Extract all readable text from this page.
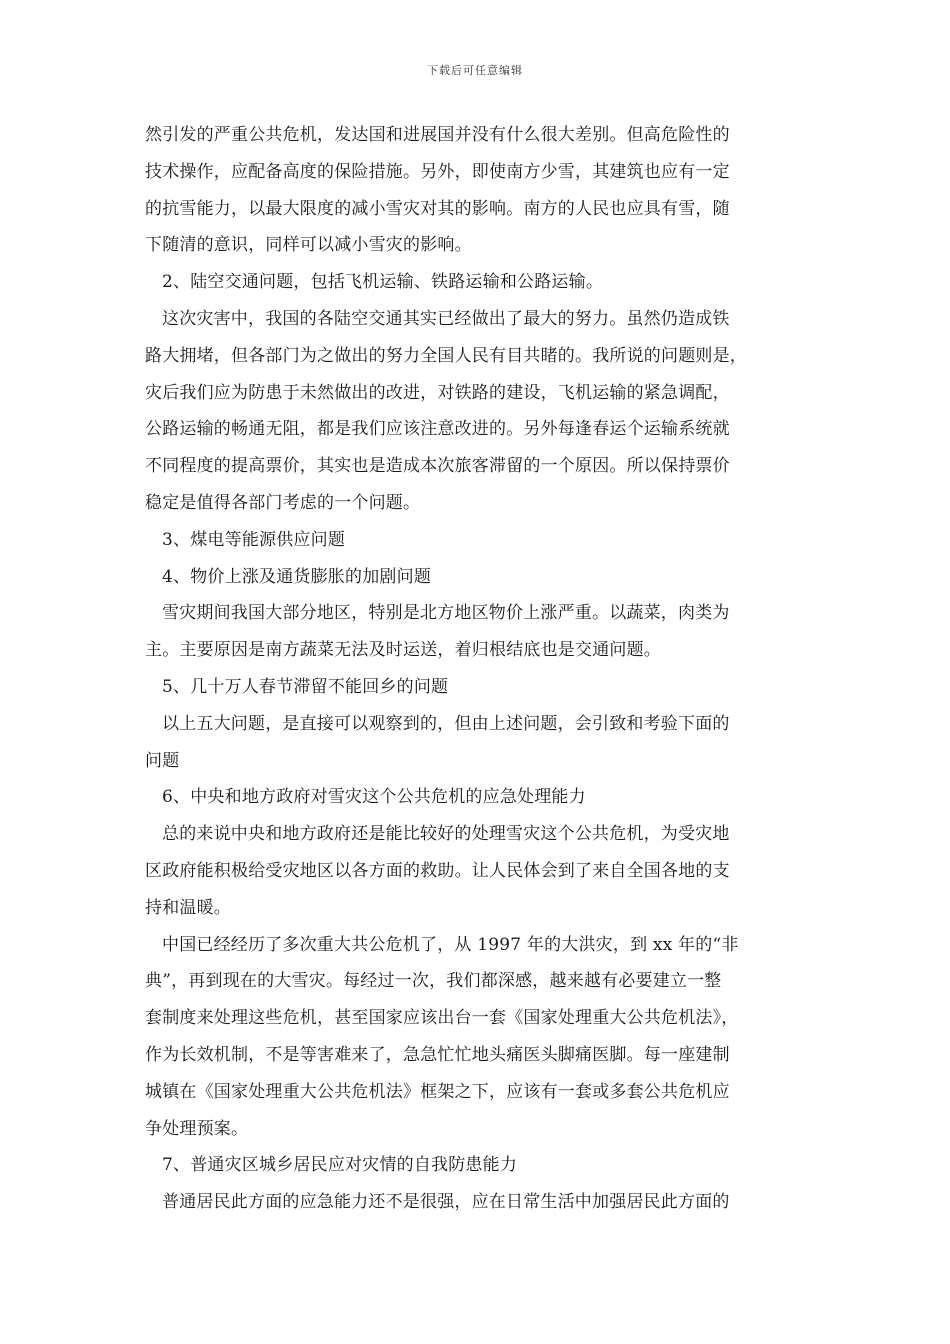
下载后可任意编辑
然引发的严重公共危机，发达国和进展国并没有什么很大差别。但高危险性的
技术操作，应配备高度的保险措施。另外，即使南方少雪，其建筑也应有一定
的抗雪能力，以最大限度的减小雪灾对其的影响。南方的人民也应具有雪，随
下随清的意识，同样可以减小雪灾的影响。
2、陆空交通问题，包括飞机运输、铁路运输和公路运输。
这次灾害中，我国的各陆空交通其实已经做出了最大的努力。虽然仍造成铁
路大拥堵，但各部门为之做出的努力全国人民有目共睹的。我所说的问题则是，
灾后我们应为防患于未然做出的改进，对铁路的建设，飞机运输的紧急调配，
公路运输的畅通无阻，都是我们应该注意改进的。另外每逢春运个运输系统就
不同程度的提高票价，其实也是造成本次旅客滞留的一个原因。所以保持票价
稳定是值得各部门考虑的一个问题。
3、煤电等能源供应问题
4、物价上涨及通货膨胀的加剧问题
雪灾期间我国大部分地区，特别是北方地区物价上涨严重。以蔬菜，肉类为
主。主要原因是南方蔬菜无法及时运送，着归根结底也是交通问题。
5、几十万人春节滞留不能回乡的问题
以上五大问题，是直接可以观察到的，但由上述问题，会引致和考验下面的
问题
6、中央和地方政府对雪灾这个公共危机的应急处理能力
总的来说中央和地方政府还是能比较好的处理雪灾这个公共危机，为受灾地
区政府能积极给受灾地区以各方面的救助。让人民体会到了来自全国各地的支
持和温暖。
中国已经经历了多次重大共公危机了，从 1997 年的大洪灾，到 xx 年的“非
典”，再到现在的大雪灾。每经过一次，我们都深感，越来越有必要建立一整
套制度来处理这些危机，甚至国家应该出台一套《国家处理重大公共危机法》，
作为长效机制，不是等害难来了，急急忙忙地头痛医头脚痛医脚。每一座建制
城镇在《国家处理重大公共危机法》框架之下，应该有一套或多套公共危机应
争处理预案。
7、普通灾区城乡居民应对灾情的自我防患能力
普通居民此方面的应急能力还不是很强，应在日常生活中加强居民此方面的
